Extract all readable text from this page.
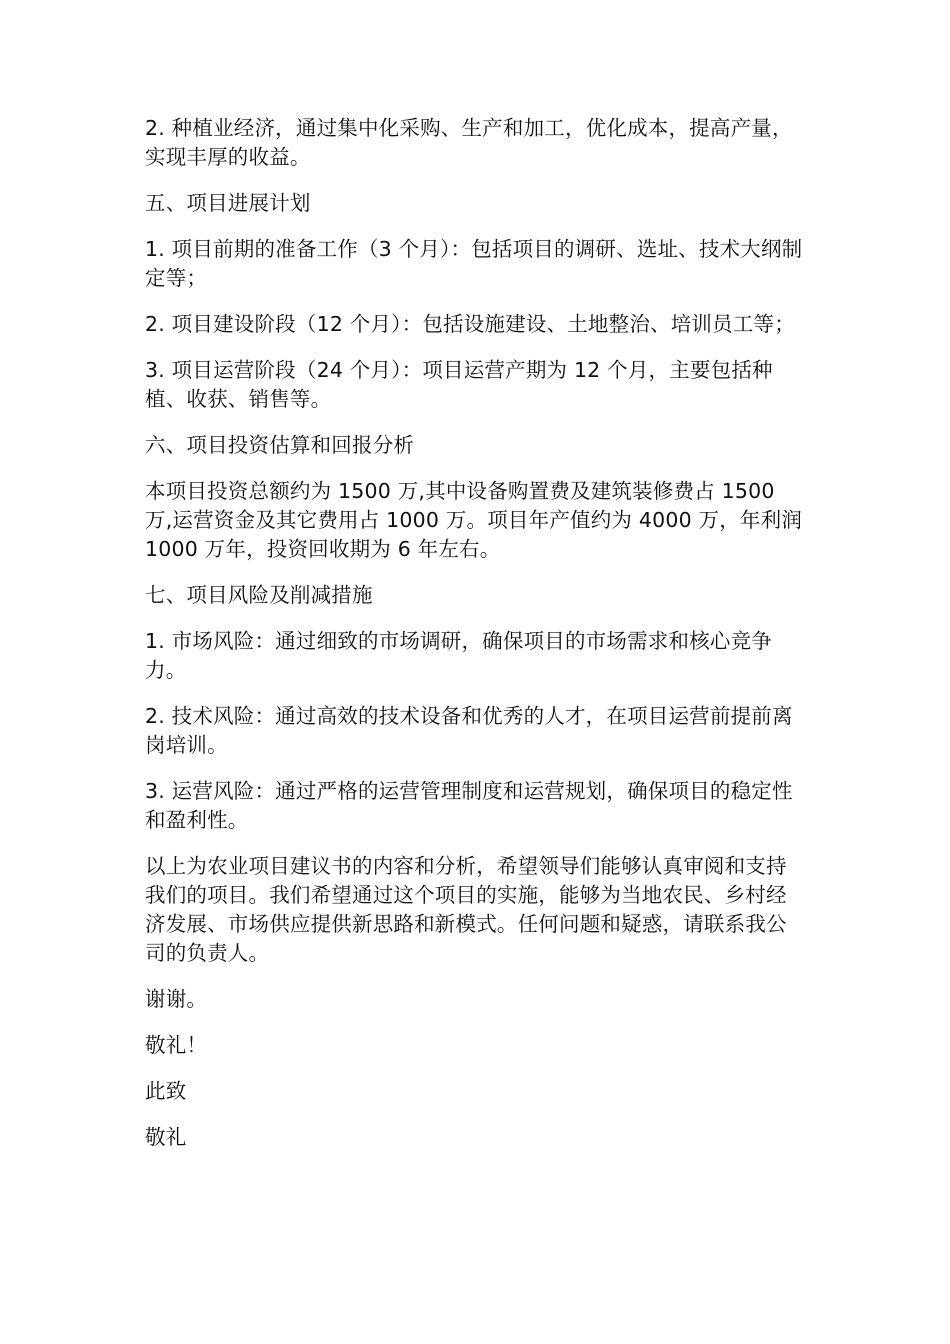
2. 种植业经济，通过集中化采购、生产和加工，优化成本，提高产量，实现丰厚的收益。

五、项目进展计划

1. 项目前期的准备工作（3 个月）：包括项目的调研、选址、技术大纲制定等；

2. 项目建设阶段（12 个月）：包括设施建设、土地整治、培训员工等；

3. 项目运营阶段（24 个月）：项目运营产期为 12 个月，主要包括种植、收获、销售等。

六、项目投资估算和回报分析

本项目投资总额约为 1500 万,其中设备购置费及建筑装修费占 1500 万,运营资金及其它费用占 1000 万。项目年产值约为 4000 万，年利润 1000 万年，投资回收期为 6 年左右。

七、项目风险及削减措施

1. 市场风险：通过细致的市场调研，确保项目的市场需求和核心竞争力。

2. 技术风险：通过高效的技术设备和优秀的人才，在项目运营前提前离岗培训。

3. 运营风险：通过严格的运营管理制度和运营规划，确保项目的稳定性和盈利性。

以上为农业项目建议书的内容和分析，希望领导们能够认真审阅和支持我们的项目。我们希望通过这个项目的实施，能够为当地农民、乡村经济发展、市场供应提供新思路和新模式。任何问题和疑惑，请联系我公司的负责人。

谢谢。

敬礼！

此致

敬礼
